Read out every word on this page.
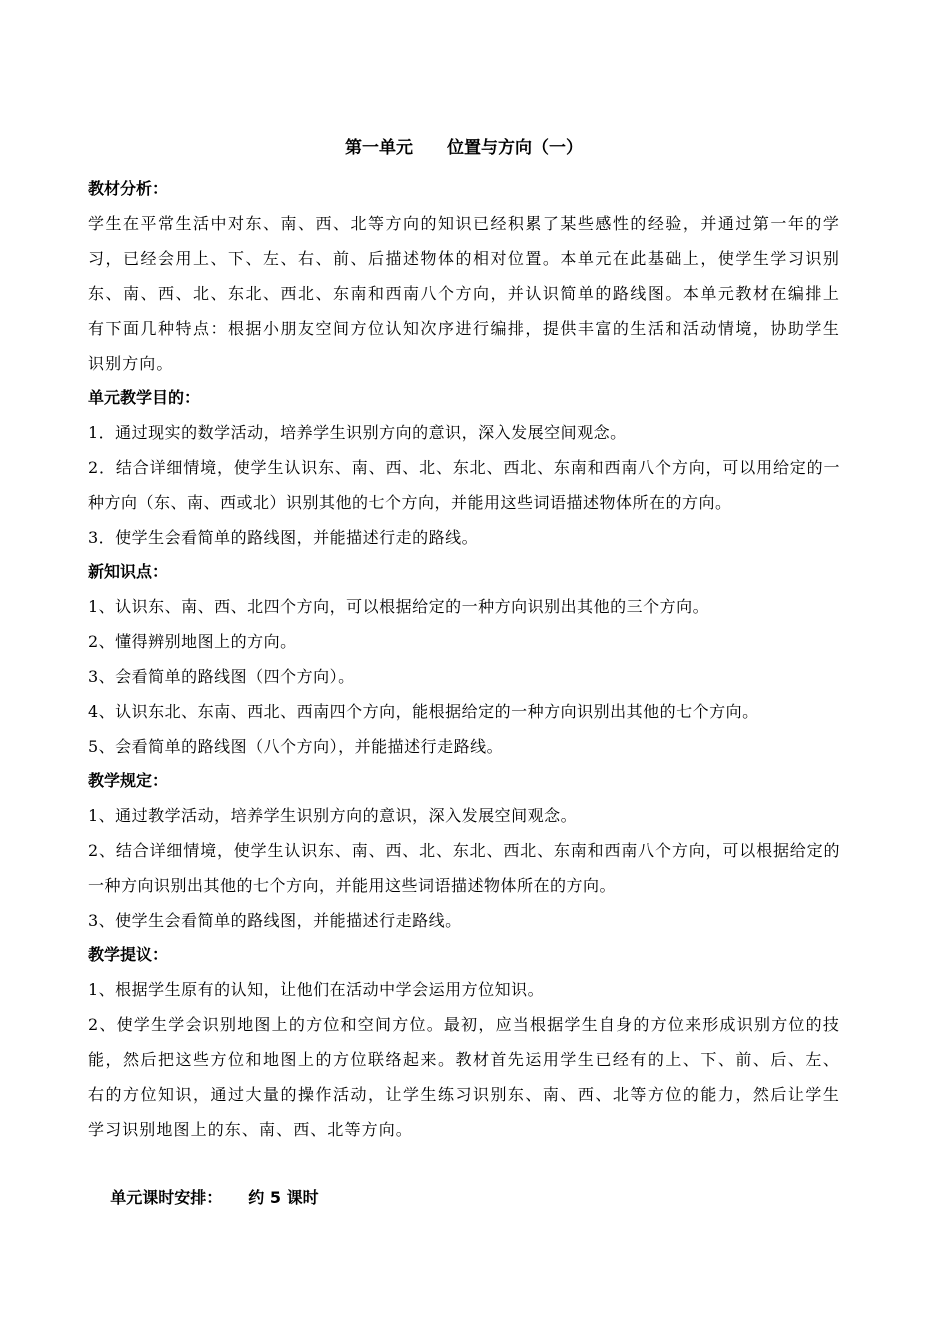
第一单元　　位置与方向（一）
教材分析：
学生在平常生活中对东、南、西、北等方向的知识已经积累了某些感性的经验，并通过第一年的学习，已经会用上、下、左、右、前、后描述物体的相对位置。本单元在此基础上，使学生学习识别东、南、西、北、东北、西北、东南和西南八个方向，并认识简单的路线图。本单元教材在编排上有下面几种特点：根据小朋友空间方位认知次序进行编排，提供丰富的生活和活动情境，协助学生识别方向。
单元教学目的：
1．通过现实的数学活动，培养学生识别方向的意识，深入发展空间观念。
2．结合详细情境，使学生认识东、南、西、北、东北、西北、东南和西南八个方向，可以用给定的一种方向（东、南、西或北）识别其他的七个方向，并能用这些词语描述物体所在的方向。
3．使学生会看简单的路线图，并能描述行走的路线。
新知识点：
1、认识东、南、西、北四个方向，可以根据给定的一种方向识别出其他的三个方向。
2、懂得辨别地图上的方向。
3、会看简单的路线图（四个方向）。
4、认识东北、东南、西北、西南四个方向，能根据给定的一种方向识别出其他的七个方向。
5、会看简单的路线图（八个方向），并能描述行走路线。
教学规定：
1、通过教学活动，培养学生识别方向的意识，深入发展空间观念。
2、结合详细情境，使学生认识东、南、西、北、东北、西北、东南和西南八个方向，可以根据给定的一种方向识别出其他的七个方向，并能用这些词语描述物体所在的方向。
3、使学生会看简单的路线图，并能描述行走路线。
教学提议：
1、根据学生原有的认知，让他们在活动中学会运用方位知识。
2、使学生学会识别地图上的方位和空间方位。最初，应当根据学生自身的方位来形成识别方位的技能，然后把这些方位和地图上的方位联络起来。教材首先运用学生已经有的上、下、前、后、左、右的方位知识，通过大量的操作活动，让学生练习识别东、南、西、北等方位的能力，然后让学生学习识别地图上的东、南、西、北等方向。

单元课时安排： 约 5 课时
